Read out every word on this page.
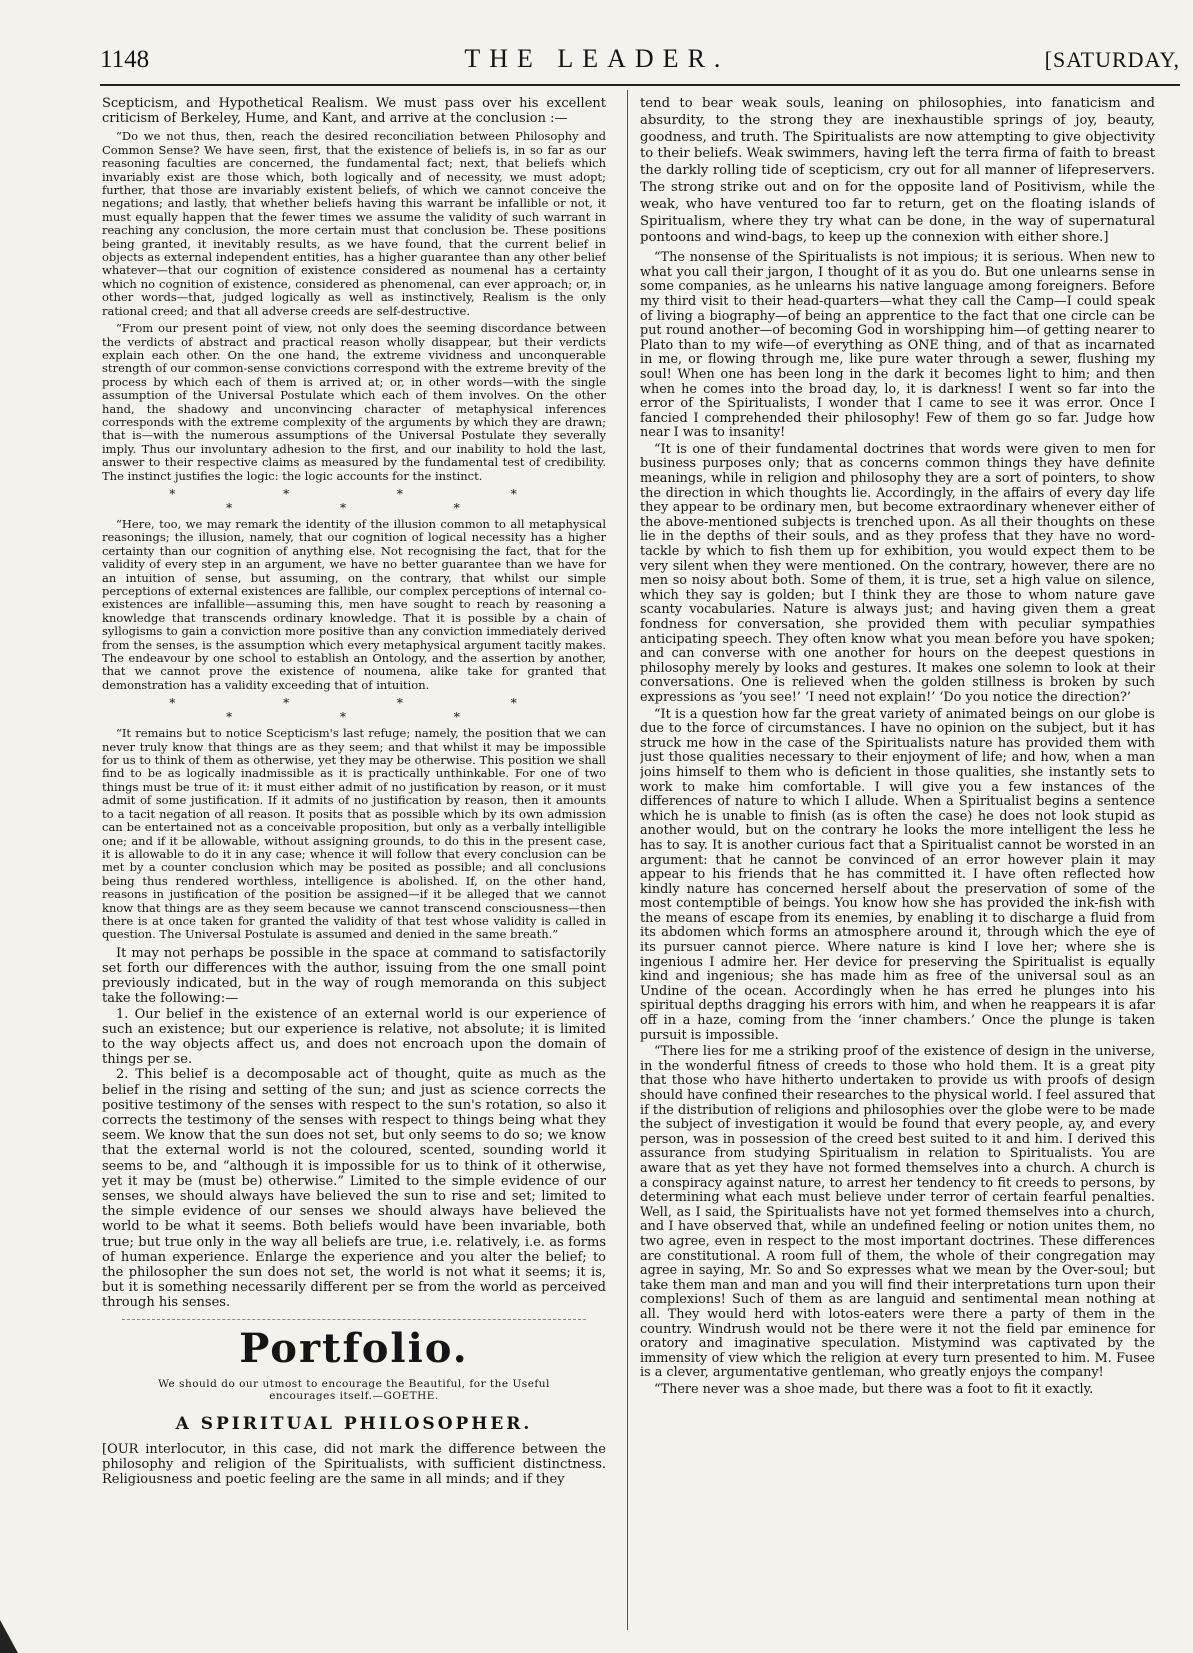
1148	THE LEADER.	[SATURDAY,

Scepticism, and Hypothetical Realism. We must pass over his excellent criticism of Berkeley, Hume, and Kant, and arrive at the conclusion :—

“Do we not thus, then, reach the desired reconciliation between Philosophy and Common Sense? We have seen, first, that the existence of beliefs is, in so far as our reasoning faculties are concerned, the fundamental fact; next, that beliefs which invariably exist are those which, both logically and of necessity, we must adopt; further, that those are invariably existent beliefs, of which we cannot conceive the negations; and lastly, that whether beliefs having this warrant be infallible or not, it must equally happen that the fewer times we assume the validity of such warrant in reaching any conclusion, the more certain must that conclusion be. These positions being granted, it inevitably results, as we have found, that the current belief in objects as external independent entities, has a higher guarantee than any other belief whatever—that our cognition of existence considered as noumenal has a certainty which no cognition of existence, considered as phenomenal, can ever approach; or, in other words—that, judged logically as well as instinctively, Realism is the only rational creed; and that all adverse creeds are self-destructive.

“From our present point of view, not only does the seeming discordance between the verdicts of abstract and practical reason wholly disappear, but their verdicts explain each other. On the one hand, the extreme vividness and unconquerable strength of our common-sense convictions correspond with the extreme brevity of the process by which each of them is arrived at; or, in other words—with the single assumption of the Universal Postulate which each of them involves. On the other hand, the shadowy and unconvincing character of metaphysical inferences corresponds with the extreme complexity of the arguments by which they are drawn; that is—with the numerous assumptions of the Universal Postulate they severally imply. Thus our involuntary adhesion to the first, and our inability to hold the last, answer to their respective claims as measured by the fundamental test of credibility. The instinct justifies the logic: the logic accounts for the instinct.

* * * * * * *

“Here, too, we may remark the identity of the illusion common to all metaphysical reasonings; the illusion, namely, that our cognition of logical necessity has a higher certainty than our cognition of anything else. Not recognising the fact, that for the validity of every step in an argument, we have no better guarantee than we have for an intuition of sense, but assuming, on the contrary, that whilst our simple perceptions of external existences are fallible, our complex perceptions of internal co-existences are infallible—assuming this, men have sought to reach by reasoning a knowledge that transcends ordinary knowledge. That it is possible by a chain of syllogisms to gain a conviction more positive than any conviction immediately derived from the senses, is the assumption which every metaphysical argument tacitly makes. The endeavour by one school to establish an Ontology, and the assertion by another, that we cannot prove the existence of noumena, alike take for granted that demonstration has a validity exceeding that of intuition.

* * * * * * *

“It remains but to notice Scepticism's last refuge; namely, the position that we can never truly know that things are as they seem; and that whilst it may be impossible for us to think of them as otherwise, yet they may be otherwise. This position we shall find to be as logically inadmissible as it is practically unthinkable. For one of two things must be true of it: it must either admit of no justification by reason, or it must admit of some justification. If it admits of no justification by reason, then it amounts to a tacit negation of all reason. It posits that as possible which by its own admission can be entertained not as a conceivable proposition, but only as a verbally intelligible one; and if it be allowable, without assigning grounds, to do this in the present case, it is allowable to do it in any case; whence it will follow that every conclusion can be met by a counter conclusion which may be posited as possible; and all conclusions being thus rendered worthless, intelligence is abolished. If, on the other hand, reasons in justification of the position be assigned—if it be alleged that we cannot know that things are as they seem because we cannot transcend consciousness—then there is at once taken for granted the validity of that test whose validity is called in question. The Universal Postulate is assumed and denied in the same breath.”

It may not perhaps be possible in the space at command to satisfactorily set forth our differences with the author, issuing from the one small point previously indicated, but in the way of rough memoranda on this subject take the following:—

1. Our belief in the existence of an external world is our experience of such an existence; but our experience is relative, not absolute; it is limited to the way objects affect us, and does not encroach upon the domain of things per se.

2. This belief is a decomposable act of thought, quite as much as the belief in the rising and setting of the sun; and just as science corrects the positive testimony of the senses with respect to the sun's rotation, so also it corrects the testimony of the senses with respect to things being what they seem. We know that the sun does not set, but only seems to do so; we know that the external world is not the coloured, scented, sounding world it seems to be, and “although it is impossible for us to think of it otherwise, yet it may be (must be) otherwise.” Limited to the simple evidence of our senses, we should always have believed the sun to rise and set; limited to the simple evidence of our senses we should always have believed the world to be what it seems. Both beliefs would have been invariable, both true; but true only in the way all beliefs are true, i.e. relatively, i.e. as forms of human experience. Enlarge the experience and you alter the belief; to the philosopher the sun does not set, the world is not what it seems; it is, but it is something necessarily different per se from the world as perceived through his senses.

Portfolio.
We should do our utmost to encourage the Beautiful, for the Useful encourages itself.—GOETHE.
A SPIRITUAL PHILOSOPHER.

[OUR interlocutor, in this case, did not mark the difference between the philosophy and religion of the Spiritualists, with sufficient distinctness. Religiousness and poetic feeling are the same in all minds; and if they

tend to bear weak souls, leaning on philosophies, into fanaticism and absurdity, to the strong they are inexhaustible springs of joy, beauty, goodness, and truth. The Spiritualists are now attempting to give objectivity to their beliefs. Weak swimmers, having left the terra firma of faith to breast the darkly rolling tide of scepticism, cry out for all manner of lifepreservers. The strong strike out and on for the opposite land of Positivism, while the weak, who have ventured too far to return, get on the floating islands of Spiritualism, where they try what can be done, in the way of supernatural pontoons and wind-bags, to keep up the connexion with either shore.]

“The nonsense of the Spiritualists is not impious; it is serious. When new to what you call their jargon, I thought of it as you do. But one unlearns sense in some companies, as he unlearns his native language among foreigners. Before my third visit to their head-quarters—what they call the Camp—I could speak of living a biography—of being an apprentice to the fact that one circle can be put round another—of becoming God in worshipping him—of getting nearer to Plato than to my wife—of everything as ONE thing, and of that as incarnated in me, or flowing through me, like pure water through a sewer, flushing my soul! When one has been long in the dark it becomes light to him; and then when he comes into the broad day, lo, it is darkness! I went so far into the error of the Spiritualists, I wonder that I came to see it was error. Once I fancied I comprehended their philosophy! Few of them go so far. Judge how near I was to insanity!

“It is one of their fundamental doctrines that words were given to men for business purposes only; that as concerns common things they have definite meanings, while in religion and philosophy they are a sort of pointers, to show the direction in which thoughts lie. Accordingly, in the affairs of every day life they appear to be ordinary men, but become extraordinary whenever either of the above-mentioned subjects is trenched upon. As all their thoughts on these lie in the depths of their souls, and as they profess that they have no word-tackle by which to fish them up for exhibition, you would expect them to be very silent when they were mentioned. On the contrary, however, there are no men so noisy about both. Some of them, it is true, set a high value on silence, which they say is golden; but I think they are those to whom nature gave scanty vocabularies. Nature is always just; and having given them a great fondness for conversation, she provided them with peculiar sympathies anticipating speech. They often know what you mean before you have spoken; and can converse with one another for hours on the deepest questions in philosophy merely by looks and gestures. It makes one solemn to look at their conversations. One is relieved when the golden stillness is broken by such expressions as ‘you see!’ ‘I need not explain!’ ‘Do you notice the direction?’

“It is a question how far the great variety of animated beings on our globe is due to the force of circumstances. I have no opinion on the subject, but it has struck me how in the case of the Spiritualists nature has provided them with just those qualities necessary to their enjoyment of life; and how, when a man joins himself to them who is deficient in those qualities, she instantly sets to work to make him comfortable. I will give you a few instances of the differences of nature to which I allude. When a Spiritualist begins a sentence which he is unable to finish (as is often the case) he does not look stupid as another would, but on the contrary he looks the more intelligent the less he has to say. It is another curious fact that a Spiritualist cannot be worsted in an argument: that he cannot be convinced of an error however plain it may appear to his friends that he has committed it. I have often reflected how kindly nature has concerned herself about the preservation of some of the most contemptible of beings. You know how she has provided the ink-fish with the means of escape from its enemies, by enabling it to discharge a fluid from its abdomen which forms an atmosphere around it, through which the eye of its pursuer cannot pierce. Where nature is kind I love her; where she is ingenious I admire her. Her device for preserving the Spiritualist is equally kind and ingenious; she has made him as free of the universal soul as an Undine of the ocean. Accordingly when he has erred he plunges into his spiritual depths dragging his errors with him, and when he reappears it is afar off in a haze, coming from the ‘inner chambers.’ Once the plunge is taken pursuit is impossible.

“There lies for me a striking proof of the existence of design in the universe, in the wonderful fitness of creeds to those who hold them. It is a great pity that those who have hitherto undertaken to provide us with proofs of design should have confined their researches to the physical world. I feel assured that if the distribution of religions and philosophies over the globe were to be made the subject of investigation it would be found that every people, ay, and every person, was in possession of the creed best suited to it and him. I derived this assurance from studying Spiritualism in relation to Spiritualists. You are aware that as yet they have not formed themselves into a church. A church is a conspiracy against nature, to arrest her tendency to fit creeds to persons, by determining what each must believe under terror of certain fearful penalties. Well, as I said, the Spiritualists have not yet formed themselves into a church, and I have observed that, while an undefined feeling or notion unites them, no two agree, even in respect to the most important doctrines. These differences are constitutional. A room full of them, the whole of their congregation may agree in saying, Mr. So and So expresses what we mean by the Over-soul; but take them man and man and you will find their interpretations turn upon their complexions! Such of them as are languid and sentimental mean nothing at all. They would herd with lotos-eaters were there a party of them in the country. Windrush would not be there were it not the field par eminence for oratory and imaginative speculation. Mistymind was captivated by the immensity of view which the religion at every turn presented to him. M. Fusee is a clever, argumentative gentleman, who greatly enjoys the company!

“There never was a shoe made, but there was a foot to fit it exactly.
